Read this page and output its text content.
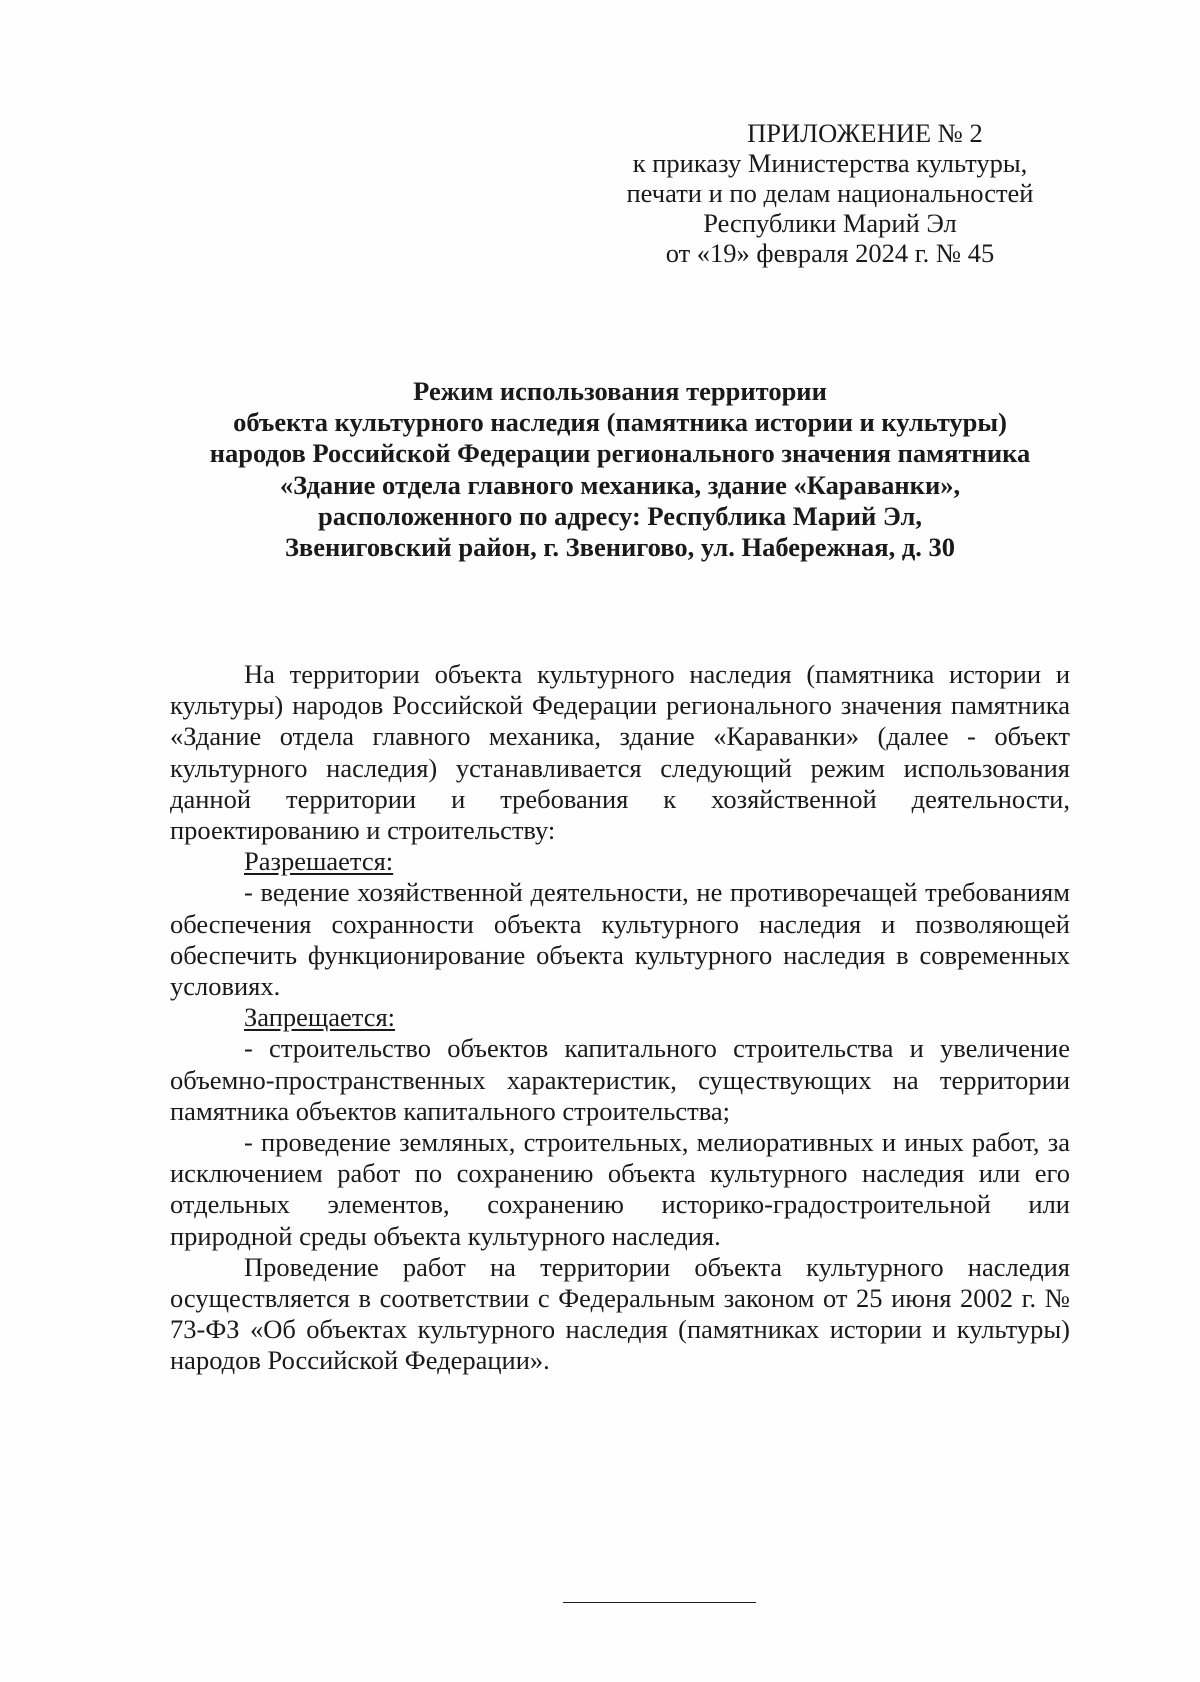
ПРИЛОЖЕНИЕ № 2
к приказу Министерства культуры,
печати и по делам национальностей
Республики Марий Эл
от «19» февраля 2024 г. № 45
Режим использования территории
объекта культурного наследия (памятника истории и культуры)
народов Российской Федерации регионального значения памятника
«Здание отдела главного механика, здание «Караванки»,
расположенного по адресу: Республика Марий Эл,
Звениговский район, г. Звенигово, ул. Набережная, д. 30

На территории объекта культурного наследия (памятника истории и культуры) народов Российской Федерации регионального значения памятника «Здание отдела главного механика, здание «Караванки» (далее - объект культурного наследия) устанавливается следующий режим использования данной территории и требования к хозяйственной деятельности, проектированию и строительству:

Разрешается:

- ведение хозяйственной деятельности, не противоречащей требованиям обеспечения сохранности объекта культурного наследия и позволяющей обеспечить функционирование объекта культурного наследия в современных условиях.

Запрещается:

- строительство объектов капитального строительства и увеличение объемно-пространственных характеристик, существующих на территории памятника объектов капитального строительства;

- проведение земляных, строительных, мелиоративных и иных работ, за исключением работ по сохранению объекта культурного наследия или его отдельных элементов, сохранению историко-градостроительной или природной среды объекта культурного наследия.

Проведение работ на территории объекта культурного наследия осуществляется в соответствии с Федеральным законом от 25 июня 2002 г. № 73-ФЗ «Об объектах культурного наследия (памятниках истории и культуры) народов Российской Федерации».
